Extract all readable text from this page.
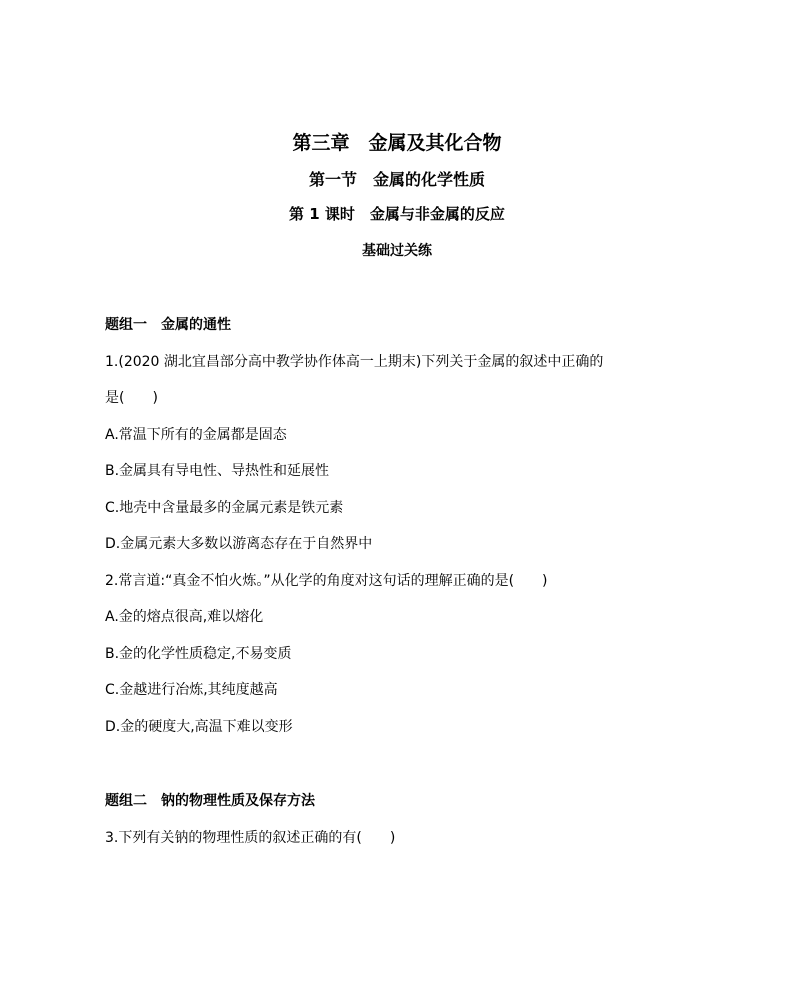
第三章　金属及其化合物
第一节　金属的化学性质
第 1 课时　金属与非金属的反应
基础过关练
题组一　金属的通性
1.(2020 湖北宜昌部分高中教学协作体高一上期末)下列关于金属的叙述中正确的
是(　　)
A.常温下所有的金属都是固态
B.金属具有导电性、导热性和延展性
C.地壳中含量最多的金属元素是铁元素
D.金属元素大多数以游离态存在于自然界中
2.常言道:“真金不怕火炼。”从化学的角度对这句话的理解正确的是(　　)
A.金的熔点很高,难以熔化
B.金的化学性质稳定,不易变质
C.金越进行冶炼,其纯度越高
D.金的硬度大,高温下难以变形
题组二　钠的物理性质及保存方法
3.下列有关钠的物理性质的叙述正确的有(　　)
